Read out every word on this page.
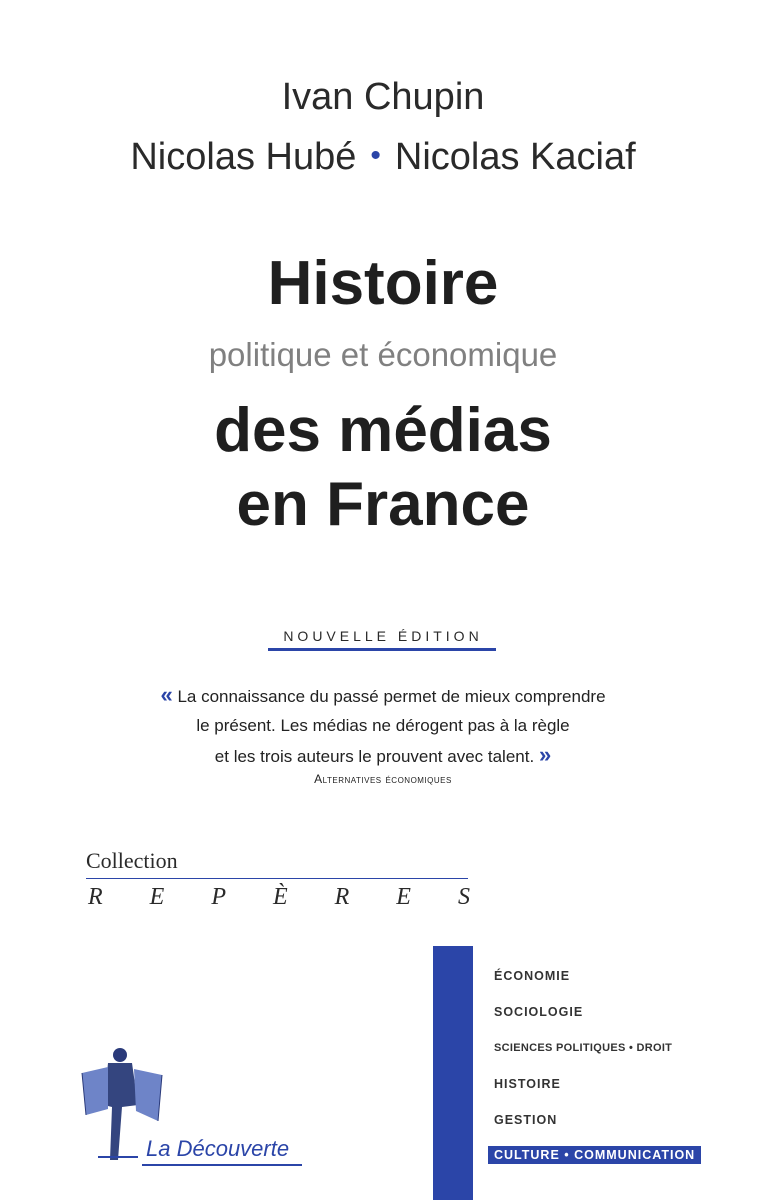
Ivan Chupin
Nicolas Hubé • Nicolas Kaciaf
Histoire
politique et économique
des médias
en France
NOUVELLE ÉDITION
« La connaissance du passé permet de mieux comprendre
le présent. Les médias ne dérogent pas à la règle
et les trois auteurs le prouvent avec talent. »
Alternatives économiques
Collection
R E P È R E S
ÉCONOMIE
SOCIOLOGIE
SCIENCES POLITIQUES • DROIT
HISTOIRE
GESTION
CULTURE • COMMUNICATION
La Découverte
